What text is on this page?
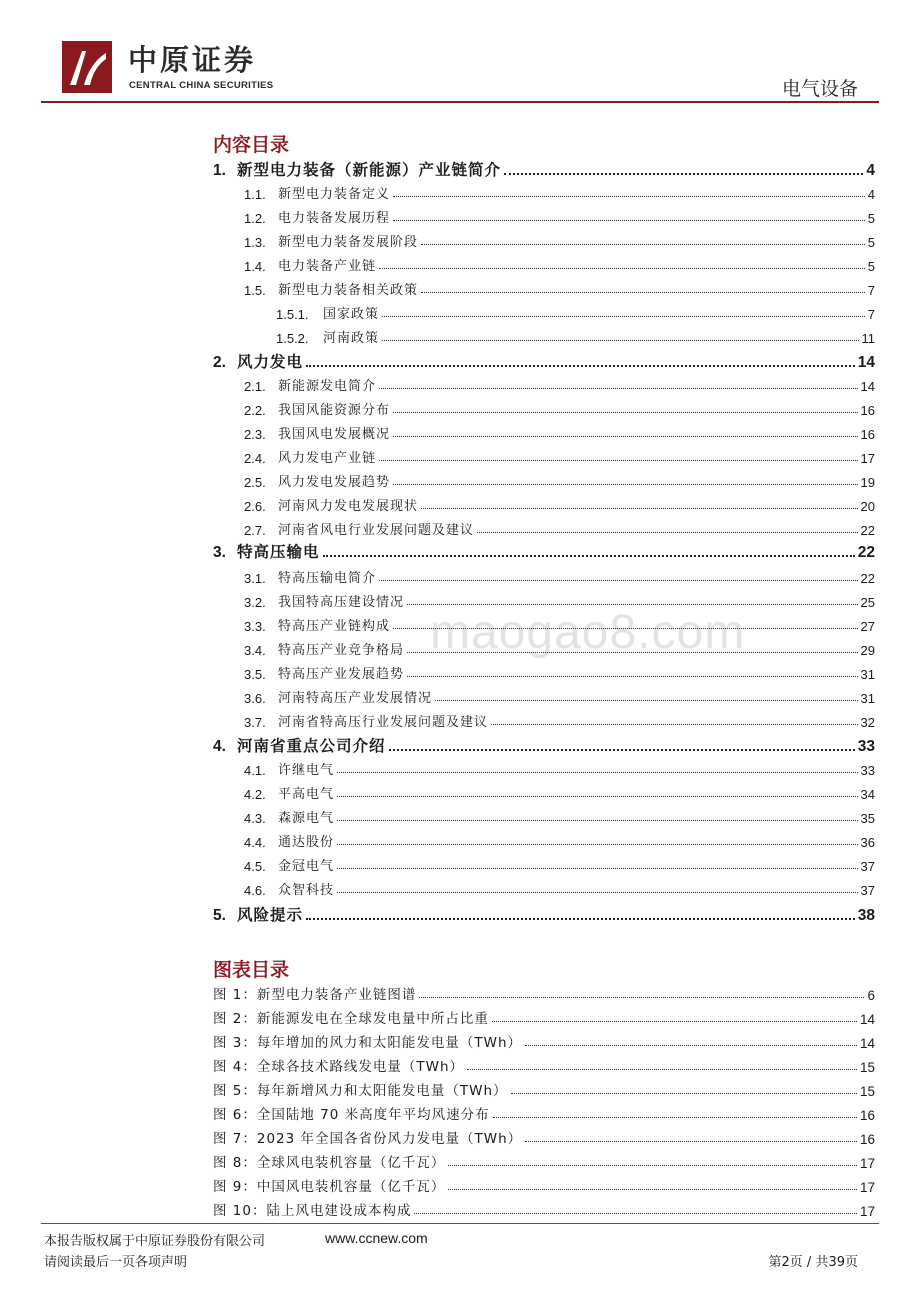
中原证券
CENTRAL CHINA SECURITIES	电气设备
maogao8.com
内容目录
1. 新型电力装备（新能源）产业链简介	4
1.1. 新型电力装备定义	4
1.2. 电力装备发展历程	5
1.3. 新型电力装备发展阶段	5
1.4. 电力装备产业链	5
1.5. 新型电力装备相关政策	7
1.5.1.	国家政策	7
1.5.2.	河南政策	11
2. 风力发电	14
2.1. 新能源发电简介	14
2.2. 我国风能资源分布	16
2.3. 我国风电发展概况	16
2.4. 风力发电产业链	17
2.5. 风力发电发展趋势	19
2.6. 河南风力发电发展现状	20
2.7. 河南省风电行业发展问题及建议	22
3. 特高压输电	22
3.1. 特高压输电简介	22
3.2. 我国特高压建设情况	25
3.3. 特高压产业链构成	27
3.4. 特高压产业竞争格局	29
3.5. 特高压产业发展趋势	31
3.6. 河南特高压产业发展情况	31
3.7. 河南省特高压行业发展问题及建议	32
4. 河南省重点公司介绍	33
4.1. 许继电气	33
4.2. 平高电气	34
4.3. 森源电气	35
4.4. 通达股份	36
4.5. 金冠电气	37
4.6. 众智科技	37
5. 风险提示	38
图表目录
图 1：新型电力装备产业链图谱	6
图 2：新能源发电在全球发电量中所占比重	14
图 3：每年增加的风力和太阳能发电量（TWh）	14
图 4：全球各技术路线发电量（TWh）	15
图 5：每年新增风力和太阳能发电量（TWh）	15
图 6：全国陆地 70 米高度年平均风速分布	16
图 7：2023 年全国各省份风力发电量（TWh）	16
图 8：全球风电装机容量（亿千瓦）	17
图 9：中国风电装机容量（亿千瓦）	17
图 10：陆上风电建设成本构成	17
本报告版权属于中原证券股份有限公司	www.ccnew.com
请阅读最后一页各项声明	第2页 / 共39页
